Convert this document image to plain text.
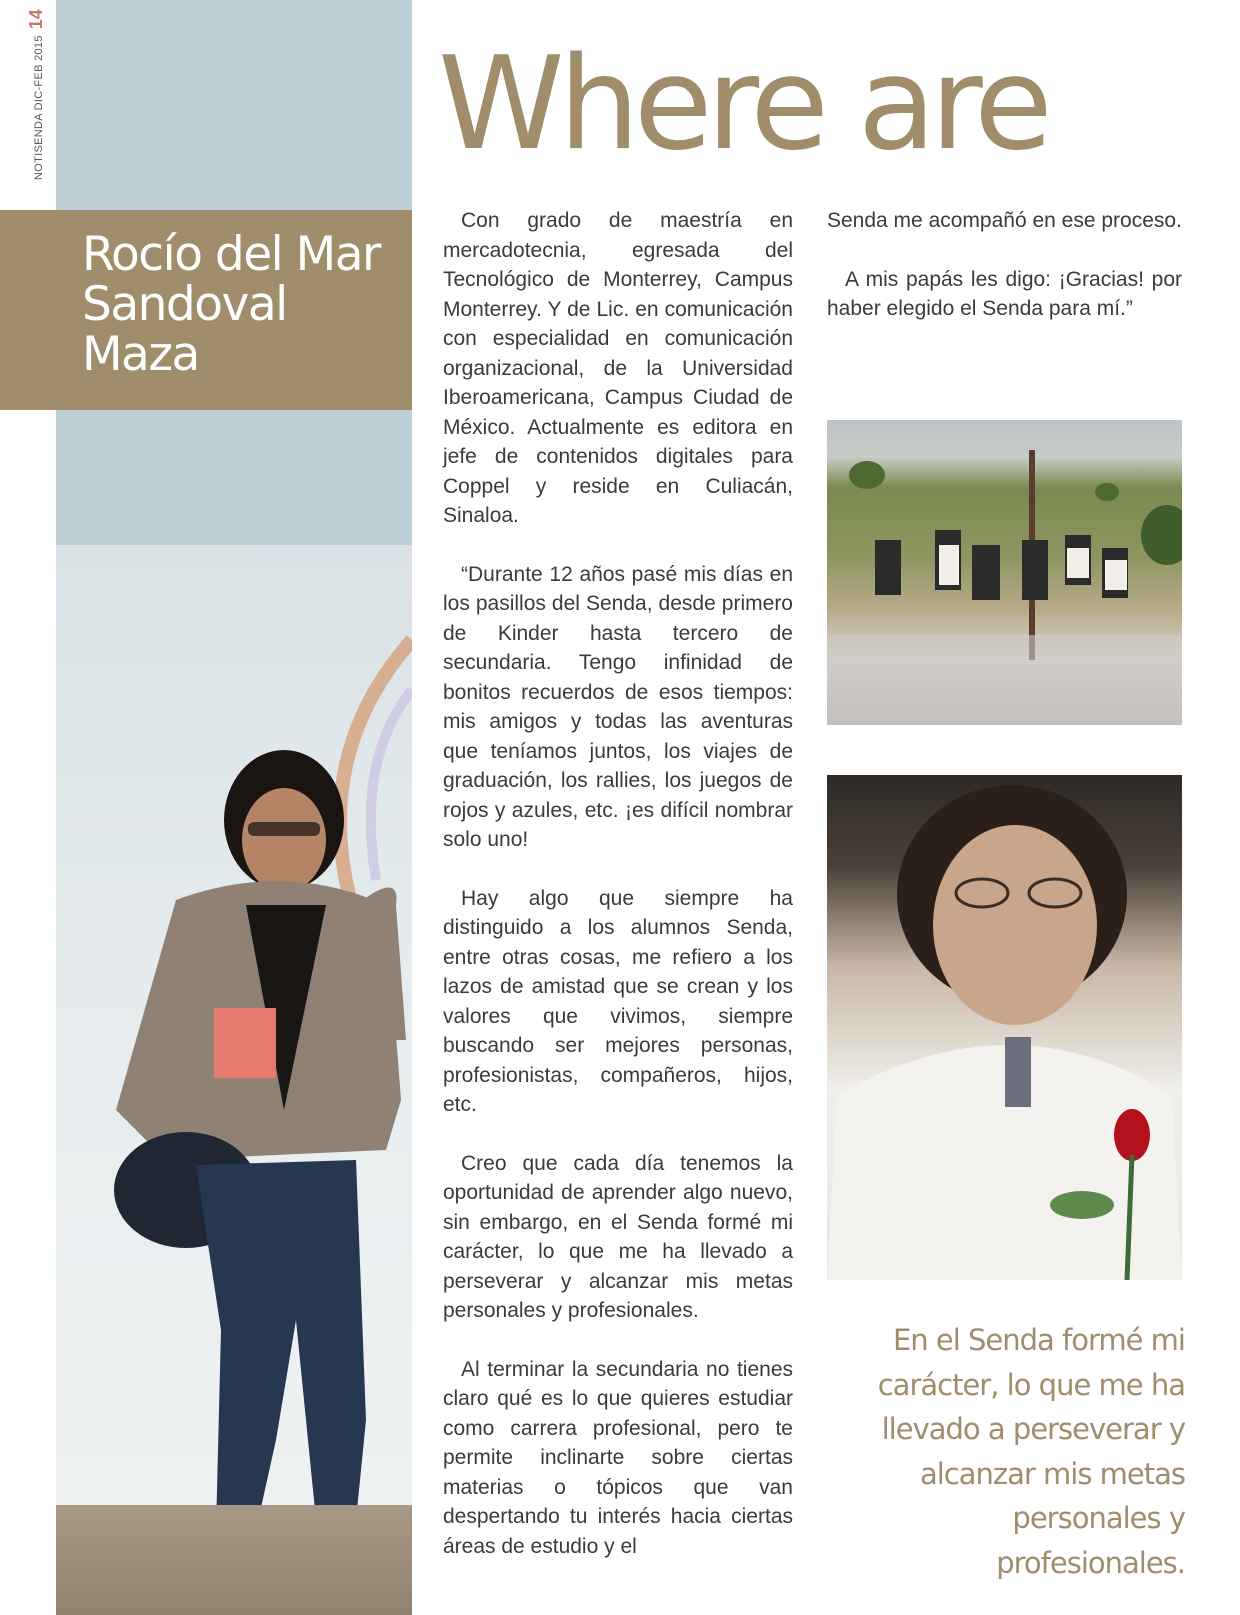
NOTISENDA DIC-FEB 201514
Rocío del Mar Sandoval Maza
Where are

Con grado de maestría en mercadotecnia, egresada del Tecnológico de Monterrey, Campus Monterrey. Y de Lic. en comunicación con especialidad en comunicación organizacional, de la Universidad Iberoamericana, Campus Ciudad de México. Actualmente es editora en jefe de contenidos digitales para Coppel y reside en Culiacán, Sinaloa.

“Durante 12 años pasé mis días en los pasillos del Senda, desde primero de Kinder hasta tercero de secundaria. Tengo infinidad de bonitos recuerdos de esos tiempos: mis amigos y todas las aventuras que teníamos juntos, los viajes de graduación, los rallies, los juegos de rojos y azules, etc. ¡es difícil nombrar solo uno!

Hay algo que siempre ha distinguido a los alumnos Senda, entre otras cosas, me refiero a los lazos de amistad que se crean y los valores que vivimos, siempre buscando ser mejores personas, profesionistas, compañeros, hijos, etc.

Creo que cada día tenemos la oportunidad de aprender algo nuevo, sin embargo, en el Senda formé mi carácter, lo que me ha llevado a perseverar y alcanzar mis metas personales y profesionales.

Al terminar la secundaria no tienes claro qué es lo que quieres estudiar como carrera profesional, pero te permite inclinarte sobre ciertas materias o tópicos que van despertando tu interés hacia ciertas áreas de estudio y el

Senda me acompañó en ese proceso.

A mis papás les digo: ¡Gracias! por haber elegido el Senda para mí.”

En el Senda formé mi carácter, lo que me ha llevado a perseverar y alcanzar mis metas personales y profesionales.
